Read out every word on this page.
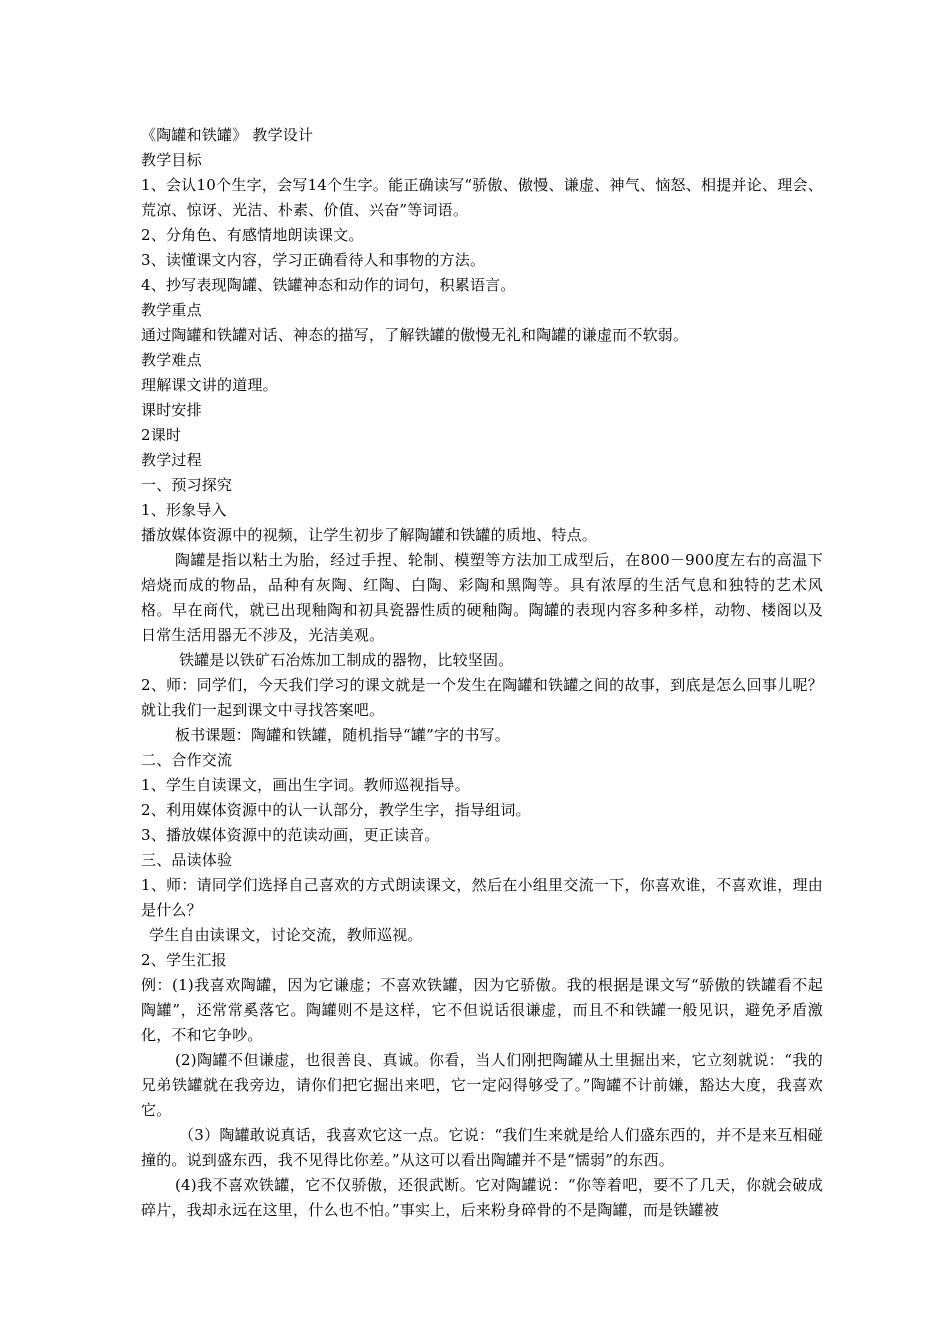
《陶罐和铁罐》 教学设计
教学目标
1、会认10个生字，会写14个生字。能正确读写“骄傲、傲慢、谦虚、神气、恼怒、相提并论、理会、荒凉、惊讶、光洁、朴素、价值、兴奋”等词语。
2、分角色、有感情地朗读课文。
3、读懂课文内容，学习正确看待人和事物的方法。
4、抄写表现陶罐、铁罐神态和动作的词句，积累语言。
教学重点
通过陶罐和铁罐对话、神态的描写，了解铁罐的傲慢无礼和陶罐的谦虚而不软弱。
教学难点
理解课文讲的道理。
课时安排
2课时
教学过程
一、预习探究
1、形象导入
播放媒体资源中的视频，让学生初步了解陶罐和铁罐的质地、特点。
陶罐是指以粘土为胎，经过手捏、轮制、模塑等方法加工成型后，在800－900度左右的高温下焙烧而成的物品，品种有灰陶、红陶、白陶、彩陶和黑陶等。具有浓厚的生活气息和独特的艺术风格。早在商代，就已出现釉陶和初具瓷器性质的硬釉陶。陶罐的表现内容多种多样，动物、楼阁以及日常生活用器无不涉及，光洁美观。
铁罐是以铁矿石冶炼加工制成的器物，比较坚固。
2、师：同学们，今天我们学习的课文就是一个发生在陶罐和铁罐之间的故事，到底是怎么回事儿呢？就让我们一起到课文中寻找答案吧。
板书课题：陶罐和铁罐，随机指导“罐”字的书写。
二、合作交流
1、学生自读课文，画出生字词。教师巡视指导。
2、利用媒体资源中的认一认部分，教学生字，指导组词。
3、播放媒体资源中的范读动画，更正读音。
三、品读体验
1、师：请同学们选择自己喜欢的方式朗读课文，然后在小组里交流一下，你喜欢谁，不喜欢谁，理由是什么？
学生自由读课文，讨论交流，教师巡视。
2、学生汇报
例：(1)我喜欢陶罐，因为它谦虚；不喜欢铁罐，因为它骄傲。我的根据是课文写“骄傲的铁罐看不起陶罐”，还常常奚落它。陶罐则不是这样，它不但说话很谦虚，而且不和铁罐一般见识，避免矛盾激化，不和它争吵。
(2)陶罐不但谦虚，也很善良、真诚。你看，当人们刚把陶罐从土里掘出来，它立刻就说：“我的兄弟铁罐就在我旁边，请你们把它掘出来吧，它一定闷得够受了。”陶罐不计前嫌，豁达大度，我喜欢它。
（3）陶罐敢说真话，我喜欢它这一点。它说：“我们生来就是给人们盛东西的，并不是来互相碰撞的。说到盛东西，我不见得比你差。”从这可以看出陶罐并不是“懦弱”的东西。
(4)我不喜欢铁罐，它不仅骄傲，还很武断。它对陶罐说：“你等着吧，要不了几天，你就会破成碎片，我却永远在这里，什么也不怕。”事实上，后来粉身碎骨的不是陶罐，而是铁罐被
